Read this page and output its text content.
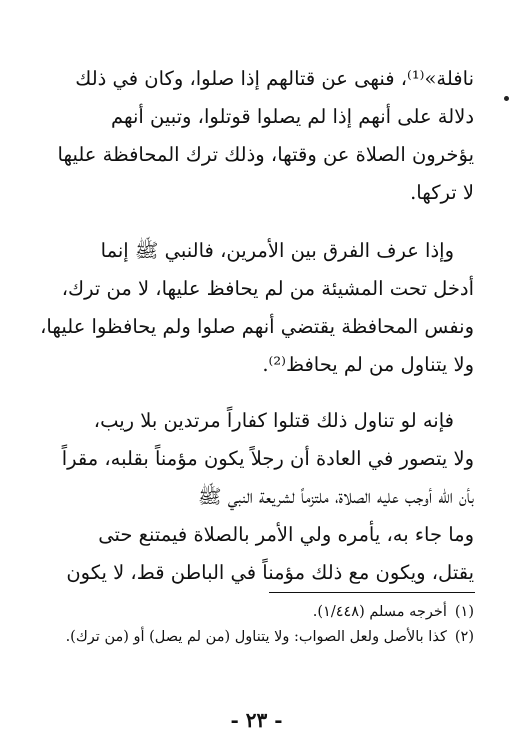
نافلة»⁽¹⁾، فنهى عن قتالهم إذا صلوا، وكان في ذلك

دلالة على أنهم إذا لم يصلوا قوتلوا، وتبين أنهم

يؤخرون الصلاة عن وقتها، وذلك ترك المحافظة عليها

لا تركها.

وإذا عرف الفرق بين الأمرين، فالنبي ﷺ إنما

أدخل تحت المشيئة من لم يحافظ عليها، لا من ترك،

ونفس المحافظة يقتضي أنهم صلوا ولم يحافظوا عليها،

ولا يتناول من لم يحافظ⁽²⁾.

فإنه لو تناول ذلك قتلوا كفاراً مرتدين بلا ريب،

ولا يتصور في العادة أن رجلاً يكون مؤمناً بقلبه، مقراً

بأن الله أوجب عليه الصلاة، ملتزماً لشريعة النبي ﷺ

وما جاء به، يأمره ولي الأمر بالصلاة فيمتنع حتى

يقتل، ويكون مع ذلك مؤمناً في الباطن قط، لا يكون

(١)أخرجه مسلم (١/٤٤٨).

(٢)كذا بالأصل ولعل الصواب: ولا يتناول (من لم يصل) أو (من ترك).

- ٢٣ -
